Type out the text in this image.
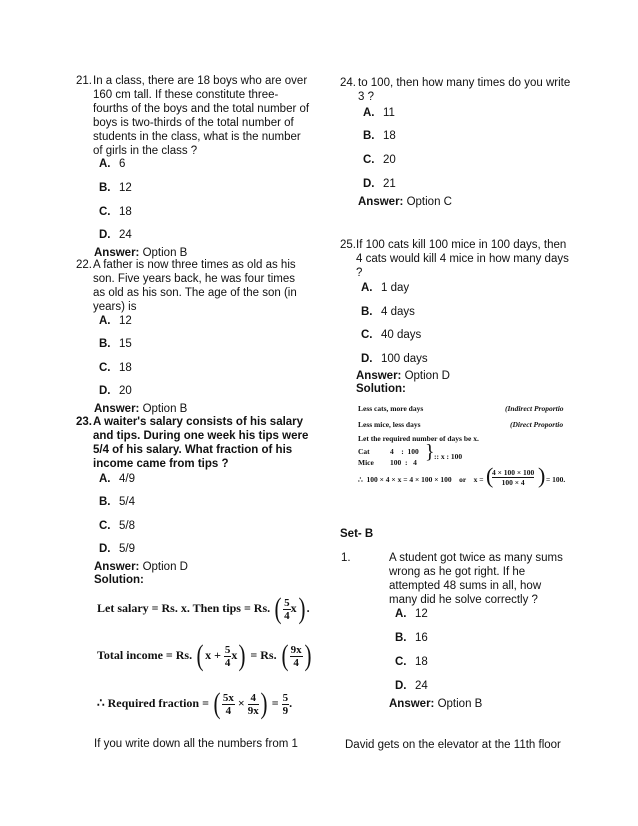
21. In a class, there are 18 boys who are over
160 cm tall. If these constitute three-
fourths of the boys and the total number of
boys is two-thirds of the total number of
students in the class, what is the number
of girls in the class ?
A. 6
B. 12
C. 18
D. 24
Answer: Option B
22. A father is now three times as old as his
son. Five years back, he was four times
as old as his son. The age of the son (in
years) is
A. 12
B. 15
C. 18
D. 20
Answer: Option B
23. A waiter's salary consists of his salary
and tips. During one week his tips were
5/4 of his salary. What fraction of his
income came from tips ?
A. 4/9
B. 5/4
C. 5/8
D. 5/9
Answer: Option D
Solution:
Let salary = Rs. x. Then tips = Rs. ( $\frac{5}{4} x$) .
Total income = Rs. ( $x + \frac{5}{4} x) = Rs$. ( $\frac{9x}{4}$ )
∴ Required fraction = ( $\frac{5x}{4} \times \frac{4}{9x}$ ) = $\frac{5}{9}$ .
If you write down all the numbers from 1
24. to 100, then how many times do you write
3 ?
A. 11
B. 18
C. 20
D. 21
Answer: Option C
25. If 100 cats kill 100 mice in 100 days, then
4 cats would kill 4 mice in how many days
?
A. 1 day
B. 4 days
C. 40 days
D. 100 days
Answer: Option D
Solution:
Less cats, more days	(Indirect Proportio
Less mice, less days	(Direct Proportio
Let the required number of days be x.
Cat	4    :  100
Mice 100  :   4 } :: x : 100
∴  100 × 4 × x = 4 × 100 × 100    or    x = (
4 × 100 × 100
100 × 4 ) = 100.
Set- B
1.	A student got twice as many sums
wrong as he got right. If he
attempted 48 sums in all, how
many did he solve correctly ?
A. 12
B. 16
C. 18
D. 24
Answer: Option B
David gets on the elevator at the 11th floor
